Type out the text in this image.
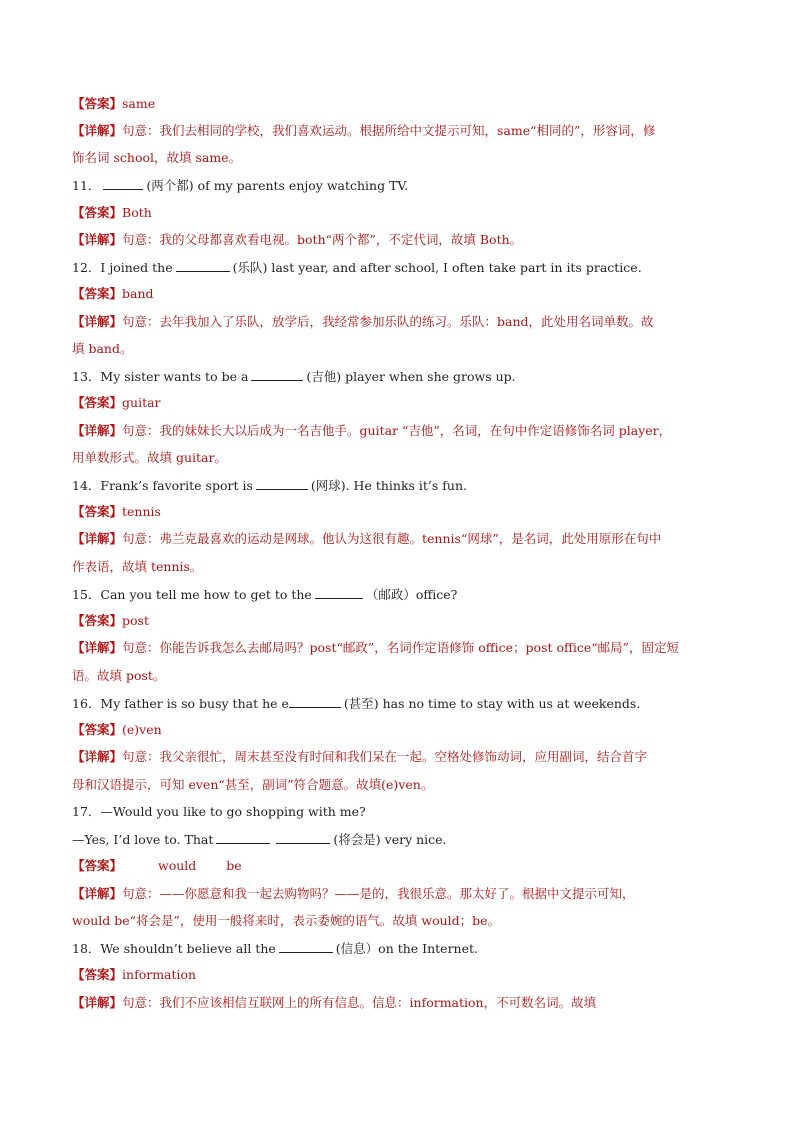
【答案】same
【详解】句意：我们去相同的学校，我们喜欢运动。根据所给中文提示可知，same“相同的”，形容词，修
饰名词 school，故填 same。
11．	(两个都) of my parents enjoy watching TV.
【答案】Both
【详解】句意：我的父母都喜欢看电视。both“两个都”，不定代词，故填 Both。
12．I joined the	(乐队) last year, and after school, I often take part in its practice.
【答案】band
【详解】句意：去年我加入了乐队，放学后，我经常参加乐队的练习。乐队：band，此处用名词单数。故
填 band。
13．My sister wants to be a	(吉他) player when she grows up.
【答案】guitar
【详解】句意：我的妹妹长大以后成为一名吉他手。guitar “吉他”，名词，在句中作定语修饰名词 player，
用单数形式。故填 guitar。
14．Frank’s favorite sport is	(网球). He thinks it’s fun.
【答案】tennis
【详解】句意：弗兰克最喜欢的运动是网球。他认为这很有趣。tennis“网球”，是名词，此处用原形在句中
作表语，故填 tennis。
15．Can you tell me how to get to the	（邮政）office?
【答案】post
【详解】句意：你能告诉我怎么去邮局吗？post“邮政”，名词作定语修饰 office；post office“邮局”，固定短
语。故填 post。
16．My father is so busy that he e	(甚至) has no time to stay with us at weekends.
【答案】(e)ven
【详解】句意：我父亲很忙，周末甚至没有时间和我们呆在一起。空格处修饰动词，应用副词，结合首字
母和汉语提示，可知 even“甚至，副词”符合题意。故填(e)ven。
17．—Would you like to go shopping with me?
—Yes, I’d love to. That	(将会是) very nice.
【答案】	would be
【详解】句意：——你愿意和我一起去购物吗？——是的，我很乐意。那太好了。根据中文提示可知，
would be“将会是”，使用一般将来时，表示委婉的语气。故填 would；be。
18．We shouldn’t believe all the	(信息）on the Internet.
【答案】information
【详解】句意：我们不应该相信互联网上的所有信息。信息：information，不可数名词。故填
